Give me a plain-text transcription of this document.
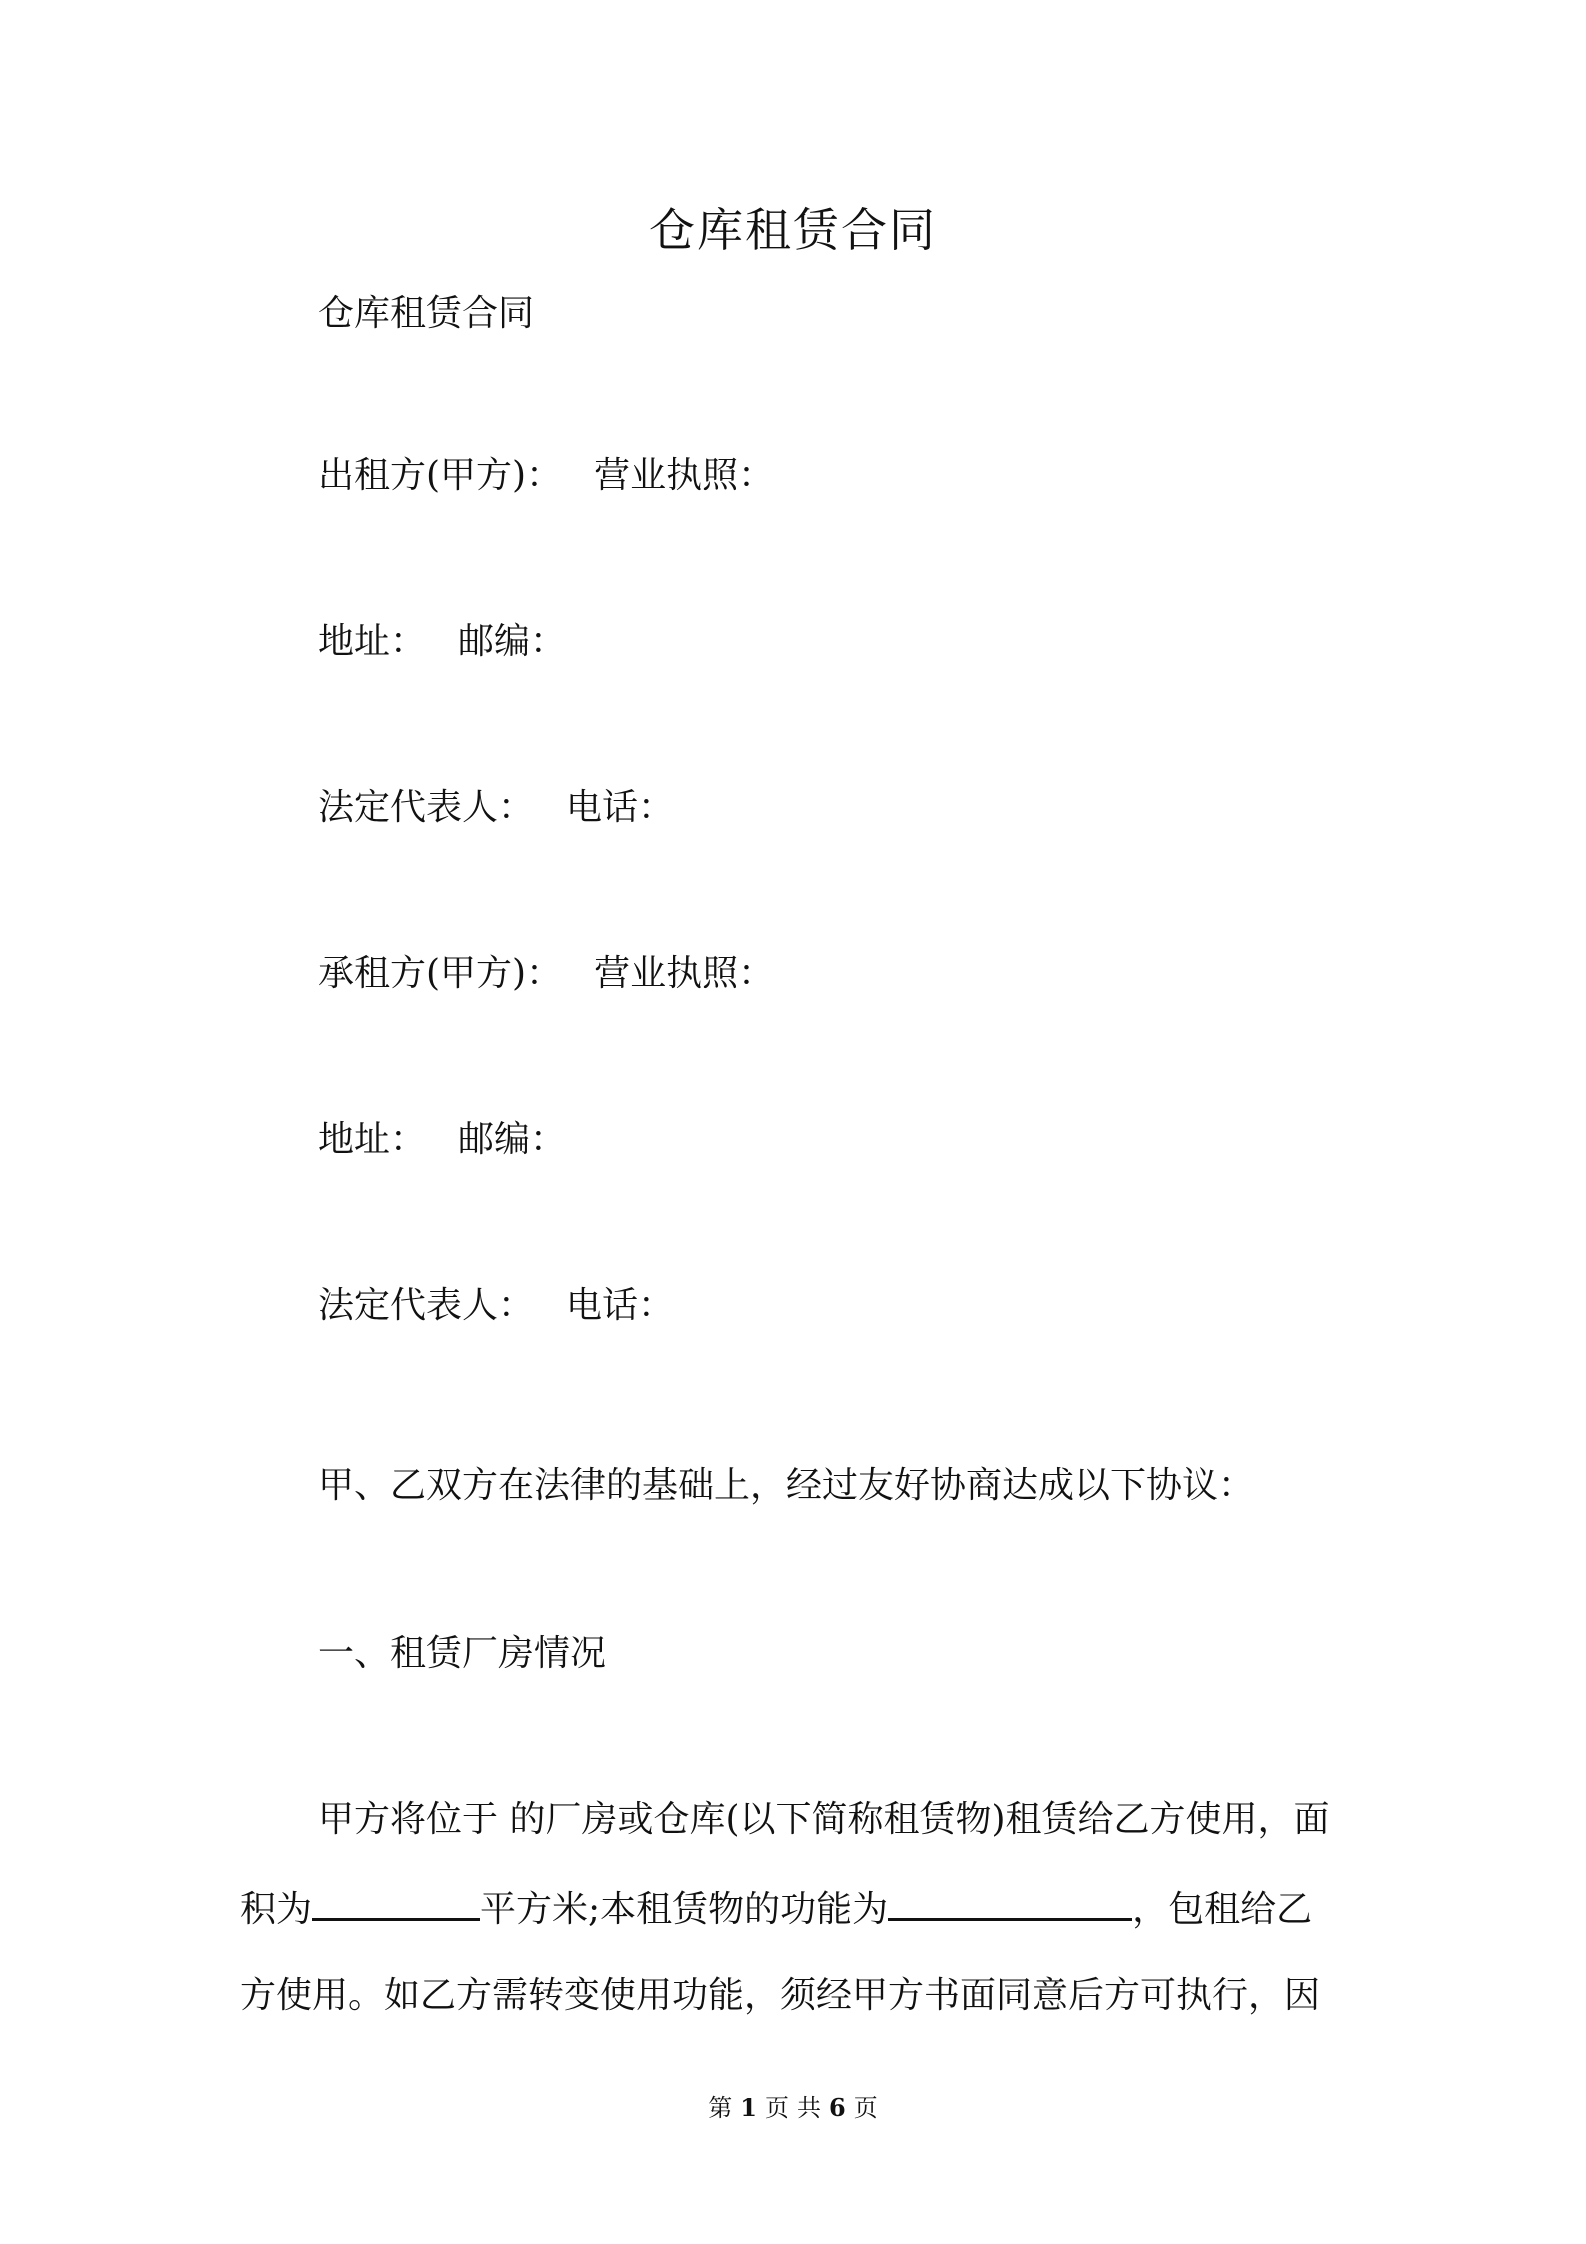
仓库租赁合同
仓库租赁合同
出租方(甲方)： 营业执照：
地址： 邮编：
法定代表人： 电话：
承租方(甲方)： 营业执照：
地址： 邮编：
法定代表人： 电话：
甲、乙双方在法律的基础上，经过友好协商达成以下协议：
一、租赁厂房情况
甲方将位于 的厂房或仓库(以下简称租赁物)租赁给乙方使用，面
积为	平方米;本租赁物的功能为	，包租给乙
方使用。如乙方需转变使用功能，须经甲方书面同意后方可执行，因
第 1 页 共 6 页
